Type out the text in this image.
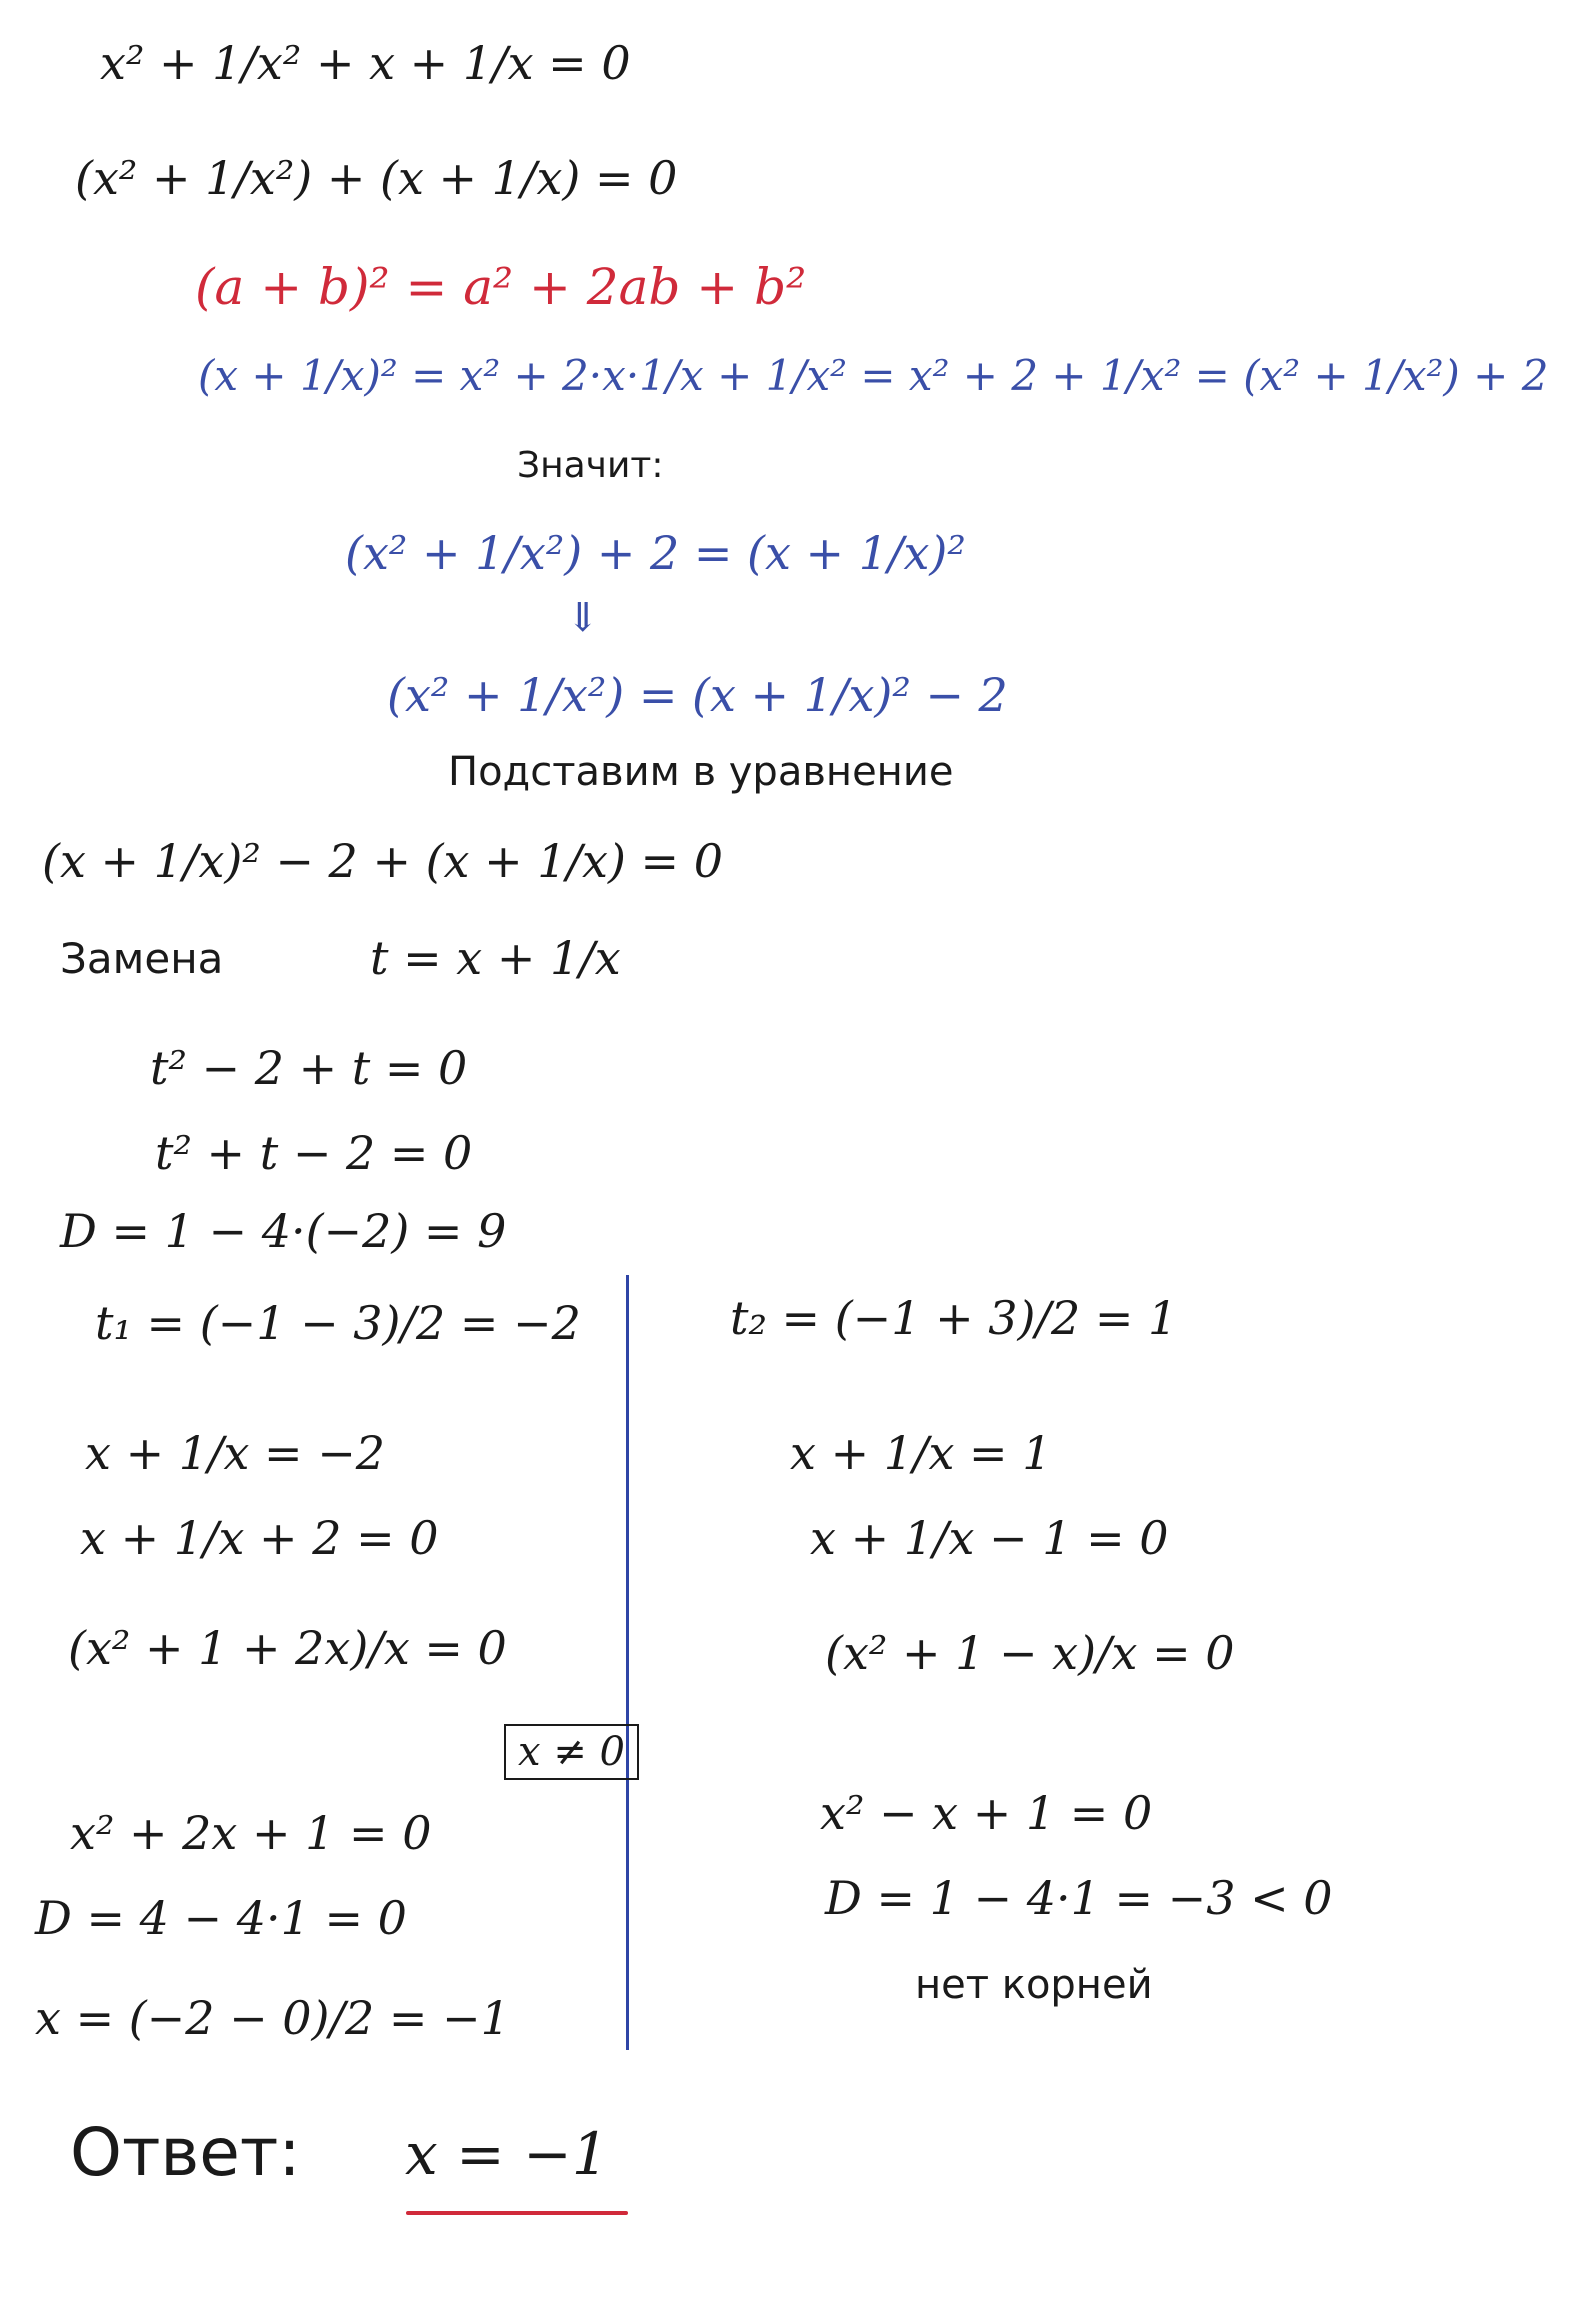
x² + 1/x² + x + 1/x = 0
(x² + 1/x²) + (x + 1/x) = 0
(a + b)² = a² + 2ab + b²
(x + 1/x)² = x² + 2·x·1/x + 1/x² = x² + 2 + 1/x² = (x² + 1/x²) + 2
Значит:
(x² + 1/x²) + 2 = (x + 1/x)²
⇓
(x² + 1/x²) = (x + 1/x)² − 2
Подставим в уравнение
(x + 1/x)² − 2 + (x + 1/x) = 0
Замена	t = x + 1/x
t² − 2 + t = 0
t² + t − 2 = 0
D = 1 − 4·(−2) = 9
t₁ = (−1 − 3)/2 = −2
x + 1/x = −2
x + 1/x + 2 = 0
(x² + 1 + 2x)/x = 0
x ≠ 0
x² + 2x + 1 = 0
D = 4 − 4·1 = 0
x = (−2 − 0)/2 = −1
t₂ = (−1 + 3)/2 = 1
x + 1/x = 1
x + 1/x − 1 = 0
(x² + 1 − x)/x = 0
x² − x + 1 = 0
D = 1 − 4·1 = −3 < 0
нет корней
Ответ: x = −1
